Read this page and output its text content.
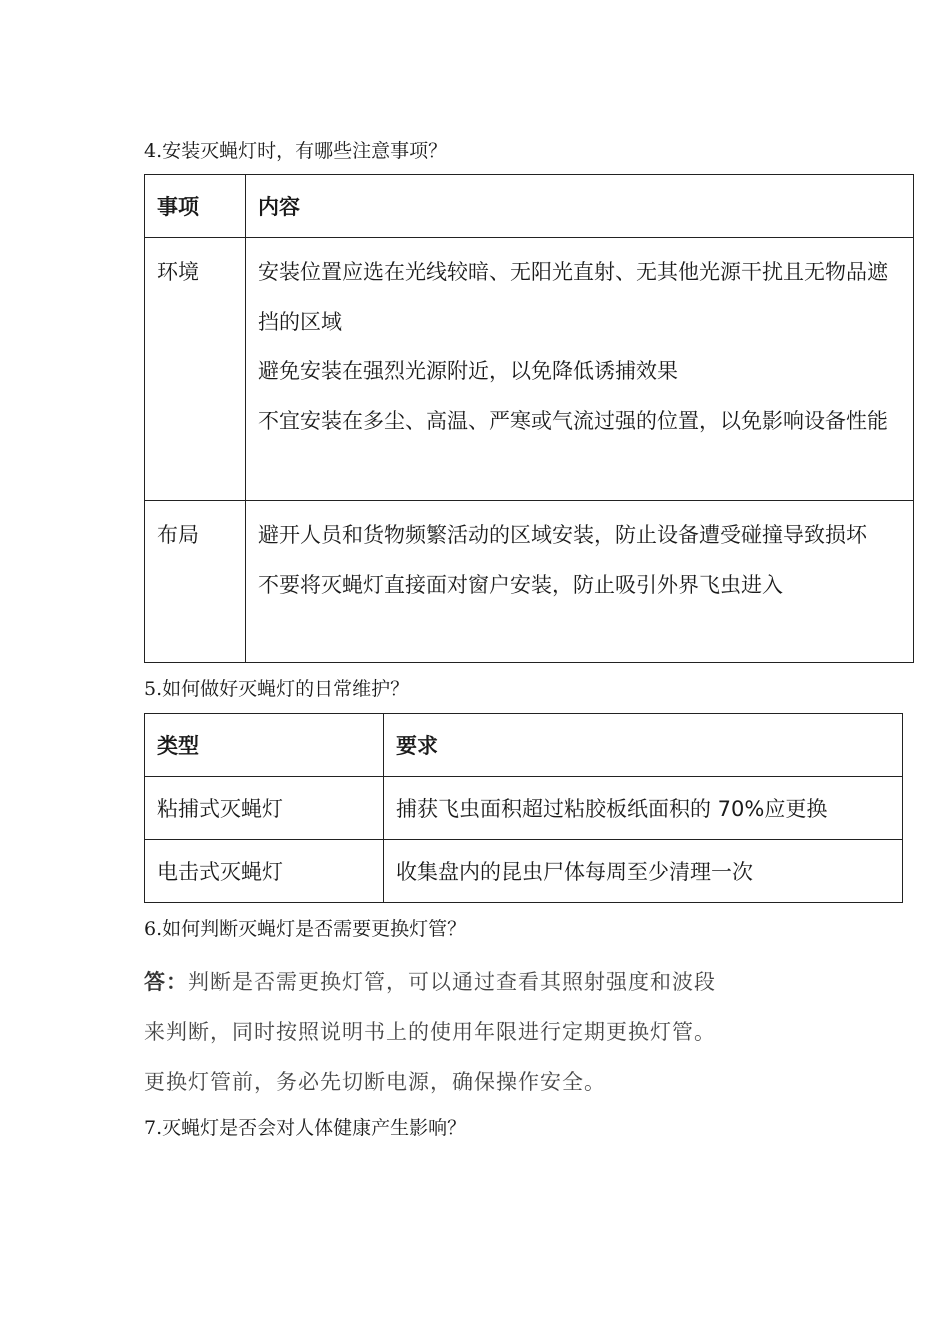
4.安装灭蝇灯时，有哪些注意事项？
事项	内容
环境	安装位置应选在光线较暗、无阳光直射、无其他光源干扰且无物品遮挡的区域
避免安装在强烈光源附近，以免降低诱捕效果
不宜安装在多尘、高温、严寒或气流过强的位置，以免影响设备性能

布局	避开人员和货物频繁活动的区域安装，防止设备遭受碰撞导致损坏
不要将灭蝇灯直接面对窗户安装，防止吸引外界飞虫进入
5.如何做好灭蝇灯的日常维护？
类型	要求
粘捕式灭蝇灯	捕获飞虫面积超过粘胶板纸面积的 70%应更换
电击式灭蝇灯	收集盘内的昆虫尸体每周至少清理一次
6.如何判断灭蝇灯是否需要更换灯管？
答：判断是否需更换灯管，可以通过查看其照射强度和波段
来判断，同时按照说明书上的使用年限进行定期更换灯管。
更换灯管前，务必先切断电源，确保操作安全。
7.灭蝇灯是否会对人体健康产生影响？
